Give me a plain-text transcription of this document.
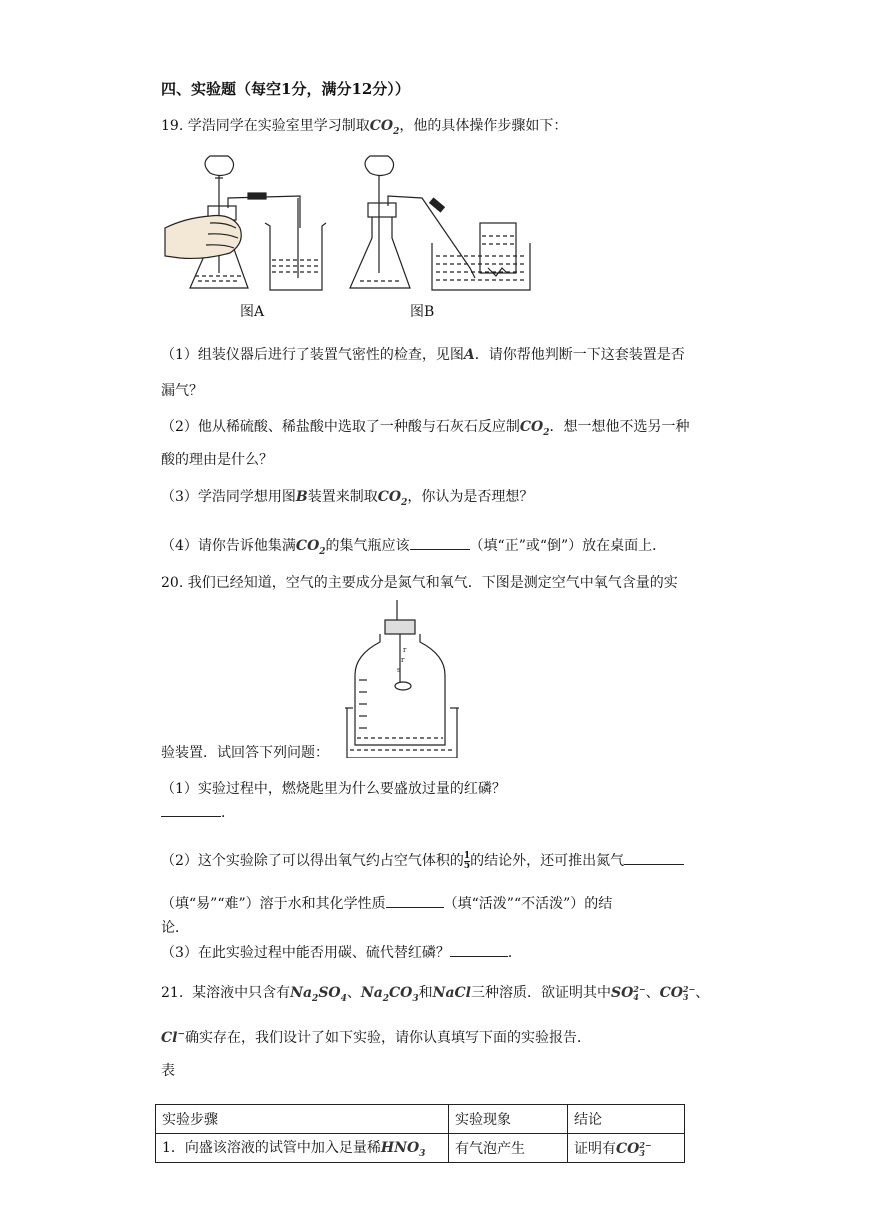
四、实验题（每空1分，满分12分））
19. 学浩同学在实验室里学习制取$CO_2$，他的具体操作步骤如下：
图A	图B
（1）组装仪器后进行了装置气密性的检查，见图A．请你帮他判断一下这套装置是否
漏气？
（2）他从稀硫酸、稀盐酸中选取了一种酸与石灰石反应制$CO_2$．想一想他不选另一种
酸的理由是什么？
（3）学浩同学想用图B装置来制取$CO_2$，你认为是否理想？
（4）请你告诉他集满$CO_2$的集气瓶应该	（填“正”或“倒”）放在桌面上．
20. 我们已经知道，空气的主要成分是氮气和氧气．下图是测定空气中氧气含量的实
r
r
s
验装置．试回答下列问题：
（1）实验过程中，燃烧匙里为什么要盛放过量的红磷？
．
（2）这个实验除了可以得出氧气约占空气体积的 $\frac{1}{5}$ 的结论外，还可推出氮气
（填“易”“难”）溶于水和其化学性质	（填“活泼”“不活泼”）的结
论．
（3）在此实验过程中能否用碳、硫代替红磷？	．
21. 某溶液中只含有$Na_2SO_4$、$Na_2CO_3$和NaCl三种溶质．欲证明其中SO 2−
4 、CO 2−
3 、
Cl−确实存在，我们设计了如下实验，请你认真填写下面的实验报告．
表
实验步骤	实验现象	结论
1．向盛该溶液的试管中加入足量稀$HNO_3$	有气泡产生	证明有CO 2−
3
